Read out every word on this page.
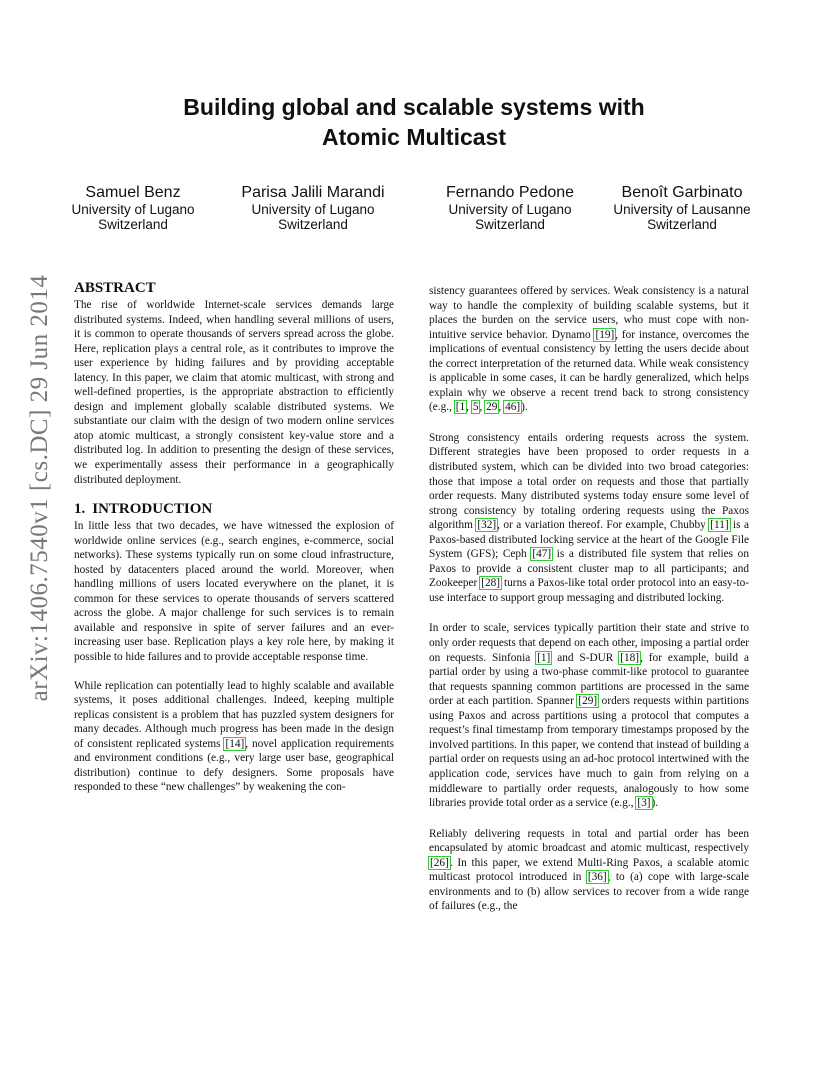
Building global and scalable systems with
Atomic Multicast
Samuel Benz
University of Lugano
Switzerland
Parisa Jalili Marandi
University of Lugano
Switzerland
Fernando Pedone
University of Lugano
Switzerland
Benoît Garbinato
University of Lausanne
Switzerland
arXiv:1406.7540v1 [cs.DC] 29 Jun 2014 ABSTRACT

The rise of worldwide Internet-scale services demands large distributed systems. Indeed, when handling several millions of users, it is common to operate thousands of servers spread across the globe. Here, replication plays a central role, as it contributes to improve the user experience by hiding failures and by providing acceptable latency. In this paper, we claim that atomic multicast, with strong and well-defined properties, is the appropriate abstraction to efficiently design and implement globally scalable distributed systems. We substantiate our claim with the design of two modern online services atop atomic multicast, a strongly consistent key-value store and a distributed log. In addition to presenting the design of these services, we experimentally assess their performance in a geographically distributed deployment.

1. INTRODUCTION

In little less that two decades, we have witnessed the explosion of worldwide online services (e.g., search engines, e-commerce, social networks). These systems typically run on some cloud infrastructure, hosted by datacenters placed around the world. Moreover, when handling millions of users located everywhere on the planet, it is common for these services to operate thousands of servers scattered across the globe. A major challenge for such services is to remain available and responsive in spite of server failures and an ever-increasing user base. Replication plays a key role here, by making it possible to hide failures and to provide acceptable response time.

While replication can potentially lead to highly scalable and available systems, it poses additional challenges. Indeed, keeping multiple replicas consistent is a problem that has puzzled system designers for many decades. Although much progress has been made in the design of consistent replicated systems [14], novel application requirements and environment conditions (e.g., very large user base, geographical distribution) continue to defy designers. Some proposals have responded to these “new challenges” by weakening the con-

sistency guarantees offered by services. Weak consistency is a natural way to handle the complexity of building scalable systems, but it places the burden on the service users, who must cope with non-intuitive service behavior. Dynamo [19], for instance, overcomes the implications of eventual consistency by letting the users decide about the correct interpretation of the returned data. While weak consistency is applicable in some cases, it can be hardly generalized, which helps explain why we observe a recent trend back to strong consistency (e.g., [1, 5, 29, 46]).

Strong consistency entails ordering requests across the system. Different strategies have been proposed to order requests in a distributed system, which can be divided into two broad categories: those that impose a total order on requests and those that partially order requests. Many distributed systems today ensure some level of strong consistency by totaling ordering requests using the Paxos algorithm [32], or a variation thereof. For example, Chubby [11] is a Paxos-based distributed locking service at the heart of the Google File System (GFS); Ceph [47] is a distributed file system that relies on Paxos to provide a consistent cluster map to all participants; and Zookeeper [28] turns a Paxos-like total order protocol into an easy-to-use interface to support group messaging and distributed locking.

In order to scale, services typically partition their state and strive to only order requests that depend on each other, imposing a partial order on requests. Sinfonia [1] and S-DUR [18], for example, build a partial order by using a two-phase commit-like protocol to guarantee that requests spanning common partitions are processed in the same order at each partition. Spanner [29] orders requests within partitions using Paxos and across partitions using a protocol that computes a request’s final timestamp from temporary timestamps proposed by the involved partitions. In this paper, we contend that instead of building a partial order on requests using an ad-hoc protocol intertwined with the application code, services have much to gain from relying on a middleware to partially order requests, analogously to how some libraries provide total order as a service (e.g., [3]).

Reliably delivering requests in total and partial order has been encapsulated by atomic broadcast and atomic multicast, respectively [26]. In this paper, we extend Multi-Ring Paxos, a scalable atomic multicast protocol introduced in [36], to (a) cope with large-scale environments and to (b) allow services to recover from a wide range of failures (e.g., the
